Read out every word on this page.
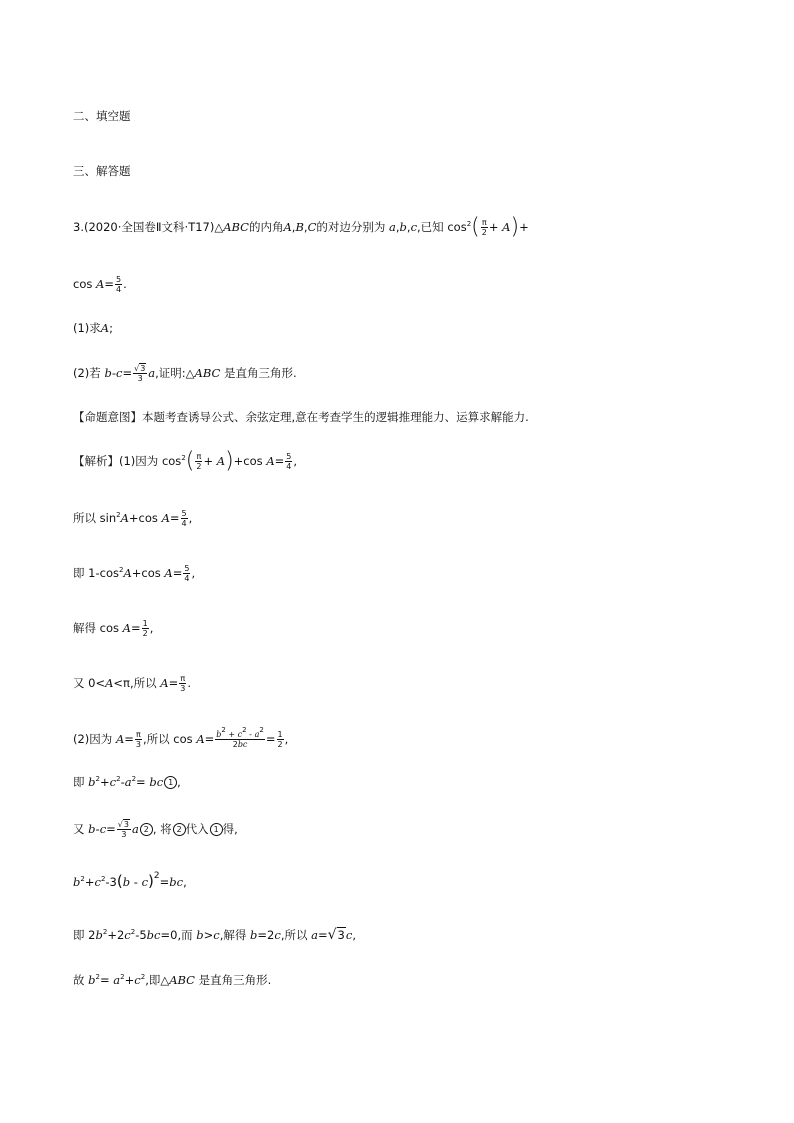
二、填空题
三、解答题
3.(2020·全国卷Ⅱ文科·T17)△ABC的内角A,B,C的对边分别为 a,b,c,已知 $\cos^2( \frac{\pi}{2} + A)+$
$\cos A= \frac{5}{4}$ .
(1)求A;
(2)若 $b-c= \frac{√3}{3} a$,证明:△ABC 是直角三角形.
【命题意图】本题考查诱导公式、余弦定理,意在考查学生的逻辑推理能力、运算求解能力.
【解析】(1)因为 $\cos^2( \frac{\pi}{2} + A)+\cos$ $A= \frac{5}{4}$ ,
所以 $\sin^2A+\cos$ $A= \frac{5}{4}$ ,
即 $1-\cos^2A+\cos$ $A= \frac{5}{4}$ ,
解得 $\cos A= \frac{1}{2}$ ,
又 0<A<π,所以 $A= \frac{\pi}{3}$ .
(2)因为 $A= \frac{\pi}{3}$ ,所以 $\cos A= \frac{b^2 + c^2 - a^2}{2bc} = \frac{1}{2}$ ,
即 $b^2+c^2-a^2=$ bc 1 ,
又 $b-c= \frac{√3}{3}$ a 2 , 将 2 代入 1 得,
$b^2+c^2-3(b - c)^2=bc$,
即 $2b^2+2c^2-5bc=0$,而 b>c,解得 b=2c,所以 a=√3c,
故 $b^2= a^2+c^2$,即△ABC 是直角三角形.
